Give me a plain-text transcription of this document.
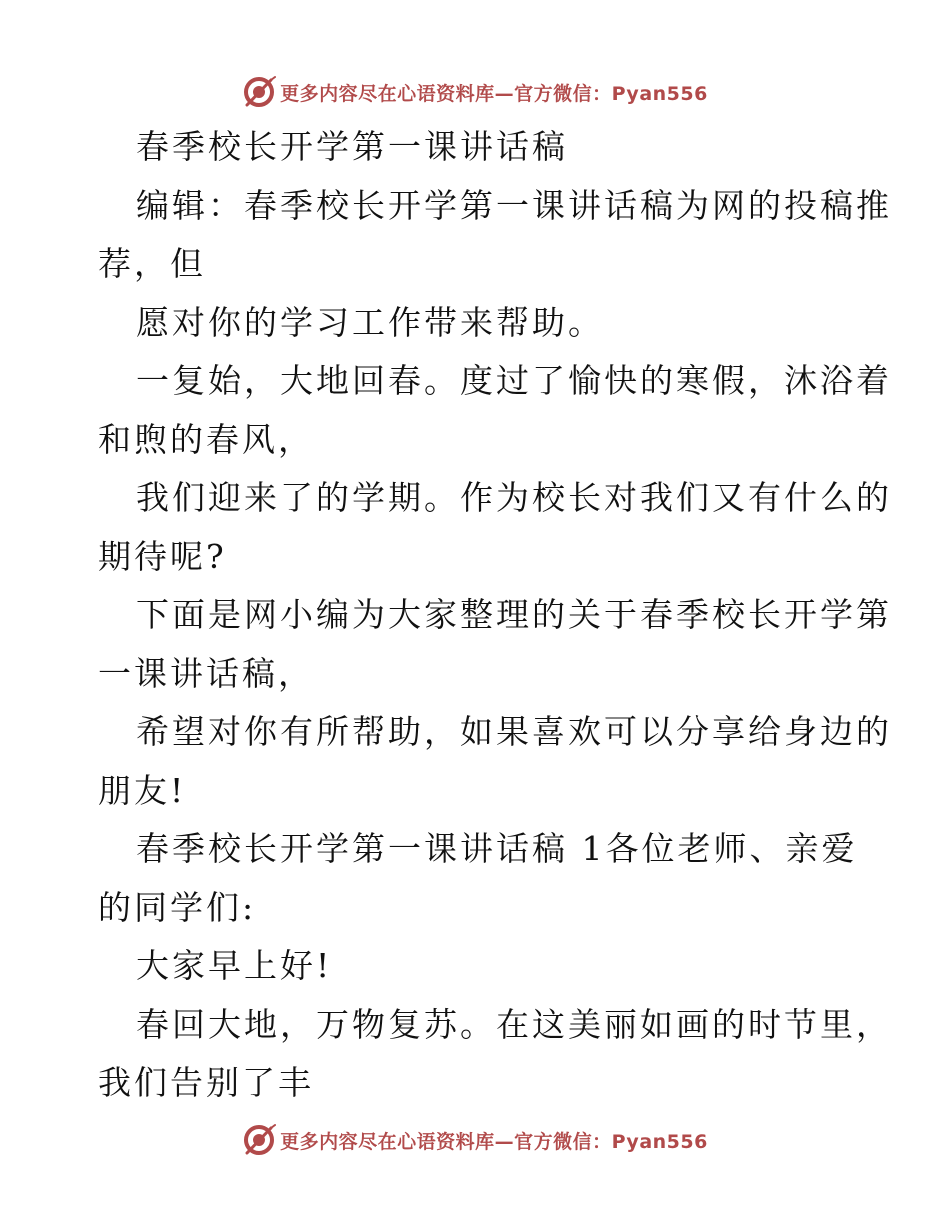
更多内容尽在心语资料库—官方微信：Pyan556
春季校长开学第一课讲话稿
编辑：春季校长开学第一课讲话稿为网的投稿推
荐，但
愿对你的学习工作带来帮助。
一复始，大地回春。度过了愉快的寒假，沐浴着
和煦的春风，
我们迎来了的学期。作为校长对我们又有什么的
期待呢?
下面是网小编为大家整理的关于春季校长开学第
一课讲话稿，
希望对你有所帮助，如果喜欢可以分享给身边的
朋友!
春季校长开学第一课讲话稿 1各位老师、亲爱
的同学们:
大家早上好!
春回大地，万物复苏。在这美丽如画的时节里，
我们告别了丰
更多内容尽在心语资料库—官方微信：Pyan556
